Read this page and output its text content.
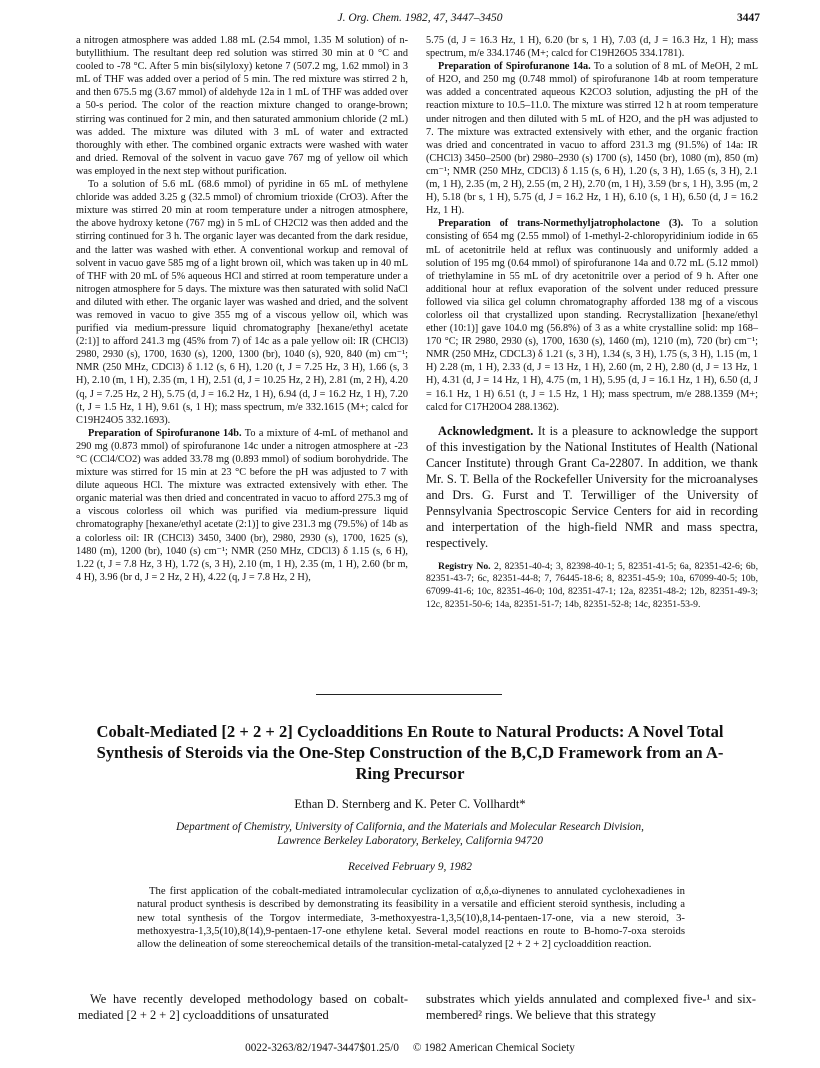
J. Org. Chem. 1982, 47, 3447–3450	3447

a nitrogen atmosphere was added 1.88 mL (2.54 mmol, 1.35 M solution) of n-butyllithium. The resultant deep red solution was stirred 30 min at 0 °C and cooled to -78 °C. After 5 min bis(silyloxy) ketone 7 (507.2 mg, 1.62 mmol) in 3 mL of THF was added over a period of 5 min. The red mixture was stirred 2 h, and then 675.5 mg (3.67 mmol) of aldehyde 12a in 1 mL of THF was added over a 50-s period. The color of the reaction mixture changed to orange-brown; stirring was continued for 2 min, and then saturated ammonium chloride (2 mL) was added. The mixture was diluted with 3 mL of water and extracted thoroughly with ether. The combined organic extracts were washed with water and dried. Removal of the solvent in vacuo gave 767 mg of yellow oil which was employed in the next step without purification.

To a solution of 5.6 mL (68.6 mmol) of pyridine in 65 mL of methylene chloride was added 3.25 g (32.5 mmol) of chromium trioxide (CrO3). After the mixture was stirred 20 min at room temperature under a nitrogen atmosphere, the above hydroxy ketone (767 mg) in 5 mL of CH2Cl2 was then added and the stirring continued for 3 h. The organic layer was decanted from the dark residue, and the latter was washed with ether. A conventional workup and removal of solvent in vacuo gave 585 mg of a light brown oil, which was taken up in 40 mL of THF with 20 mL of 5% aqueous HCl and stirred at room temperature under a nitrogen atmosphere for 5 days. The mixture was then saturated with solid NaCl and diluted with ether. The organic layer was washed and dried, and the solvent was removed in vacuo to give 355 mg of a viscous yellow oil, which was purified via medium-pressure liquid chromatography [hexane/ethyl acetate (2:1)] to afford 241.3 mg (45% from 7) of 14c as a pale yellow oil: IR (CHCl3) 2980, 2930 (s), 1700, 1630 (s), 1200, 1300 (br), 1040 (s), 920, 840 (m) cm⁻¹; NMR (250 MHz, CDCl3) δ 1.12 (s, 6 H), 1.20 (t, J = 7.25 Hz, 3 H), 1.66 (s, 3 H), 2.10 (m, 1 H), 2.35 (m, 1 H), 2.51 (d, J = 10.25 Hz, 2 H), 2.81 (m, 2 H), 4.20 (q, J = 7.25 Hz, 2 H), 5.75 (d, J = 16.2 Hz, 1 H), 6.94 (d, J = 16.2 Hz, 1 H), 7.20 (t, J = 1.5 Hz, 1 H), 9.61 (s, 1 H); mass spectrum, m/e 332.1615 (M+; calcd for C19H24O5 332.1693).

Preparation of Spirofuranone 14b. To a mixture of 4-mL of methanol and 290 mg (0.873 mmol) of spirofuranone 14c under a nitrogen atmosphere at -23 °C (CCl4/CO2) was added 33.78 mg (0.893 mmol) of sodium borohydride. The mixture was stirred for 15 min at 23 °C before the pH was adjusted to 7 with dilute aqueous HCl. The mixture was extracted extensively with ether. The organic material was then dried and concentrated in vacuo to afford 275.3 mg of a viscous colorless oil which was purified via medium-pressure liquid chromatography [hexane/ethyl acetate (2:1)] to give 231.3 mg (79.5%) of 14b as a colorless oil: IR (CHCl3) 3450, 3400 (br), 2980, 2930 (s), 1700, 1625 (s), 1480 (m), 1200 (br), 1040 (s) cm⁻¹; NMR (250 MHz, CDCl3) δ 1.15 (s, 6 H), 1.22 (t, J = 7.8 Hz, 3 H), 1.72 (s, 3 H), 2.10 (m, 1 H), 2.35 (m, 1 H), 2.60 (br m, 4 H), 3.96 (br d, J = 2 Hz, 2 H), 4.22 (q, J = 7.8 Hz, 2 H),

5.75 (d, J = 16.3 Hz, 1 H), 6.20 (br s, 1 H), 7.03 (d, J = 16.3 Hz, 1 H); mass spectrum, m/e 334.1746 (M+; calcd for C19H26O5 334.1781).

Preparation of Spirofuranone 14a. To a solution of 8 mL of MeOH, 2 mL of H2O, and 250 mg (0.748 mmol) of spirofuranone 14b at room temperature was added a concentrated aqueous K2CO3 solution, adjusting the pH of the reaction mixture to 10.5–11.0. The mixture was stirred 12 h at room temperature under nitrogen and then diluted with 5 mL of H2O, and the pH was adjusted to 7. The mixture was extracted extensively with ether, and the organic fraction was dried and concentrated in vacuo to afford 231.3 mg (91.5%) of 14a: IR (CHCl3) 3450–2500 (br) 2980–2930 (s) 1700 (s), 1450 (br), 1080 (m), 850 (m) cm⁻¹; NMR (250 MHz, CDCl3) δ 1.15 (s, 6 H), 1.20 (s, 3 H), 1.65 (s, 3 H), 2.1 (m, 1 H), 2.35 (m, 2 H), 2.55 (m, 2 H), 2.70 (m, 1 H), 3.59 (br s, 1 H), 3.95 (m, 2 H), 5.18 (br s, 1 H), 5.75 (d, J = 16.2 Hz, 1 H), 6.10 (s, 1 H), 6.50 (d, J = 16.2 Hz, 1 H).

Preparation of trans-Normethyljatropholactone (3). To a solution consisting of 654 mg (2.55 mmol) of 1-methyl-2-chloropyridinium iodide in 65 mL of acetonitrile held at reflux was continuously and uniformly added a solution of 195 mg (0.64 mmol) of spirofuranone 14a and 0.72 mL (5.12 mmol) of triethylamine in 55 mL of dry acetonitrile over a period of 9 h. After one additional hour at reflux evaporation of the solvent under reduced pressure followed via silica gel column chromatography afforded 138 mg of a viscous colorless oil that crystallized upon standing. Recrystallization [hexane/ethyl ether (10:1)] gave 104.0 mg (56.8%) of 3 as a white crystalline solid: mp 168–170 °C; IR 2980, 2930 (s), 1700, 1630 (s), 1460 (m), 1210 (m), 720 (br) cm⁻¹; NMR (250 MHz, CDCL3) δ 1.21 (s, 3 H), 1.34 (s, 3 H), 1.75 (s, 3 H), 1.15 (m, 1 H) 2.28 (m, 1 H), 2.33 (d, J = 13 Hz, 1 H), 2.60 (m, 2 H), 2.80 (d, J = 13 Hz, 1 H), 4.31 (d, J = 14 Hz, 1 H), 4.75 (m, 1 H), 5.95 (d, J = 16.1 Hz, 1 H), 6.50 (d, J = 16.1 Hz, 1 H) 6.51 (t, J = 1.5 Hz, 1 H); mass spectrum, m/e 288.1359 (M+; calcd for C17H20O4 288.1362).

Acknowledgment. It is a pleasure to acknowledge the support of this investigation by the National Institutes of Health (National Cancer Institute) through Grant Ca-22807. In addition, we thank Mr. S. T. Bella of the Rockefeller University for the microanalyses and Drs. G. Furst and T. Terwilliger of the University of Pennsylvania Spectroscopic Service Centers for aid in recording and interpertation of the high-field NMR and mass spectra, respectively.

Registry No. 2, 82351-40-4; 3, 82398-40-1; 5, 82351-41-5; 6a, 82351-42-6; 6b, 82351-43-7; 6c, 82351-44-8; 7, 76445-18-6; 8, 82351-45-9; 10a, 67099-40-5; 10b, 67099-41-6; 10c, 82351-46-0; 10d, 82351-47-1; 12a, 82351-48-2; 12b, 82351-49-3; 12c, 82351-50-6; 14a, 82351-51-7; 14b, 82351-52-8; 14c, 82351-53-9.

Cobalt-Mediated [2 + 2 + 2] Cycloadditions En Route to Natural Products: A Novel Total Synthesis of Steroids via the One-Step Construction of the B,C,D Framework from an A-Ring Precursor
Ethan D. Sternberg and K. Peter C. Vollhardt*
Department of Chemistry, University of California, and the Materials and Molecular Research Division,
Lawrence Berkeley Laboratory, Berkeley, California 94720
Received February 9, 1982

The first application of the cobalt-mediated intramolecular cyclization of α,δ,ω-diynenes to annulated cyclohexadienes in natural product synthesis is described by demonstrating its feasibility in a versatile and efficient steroid synthesis, including a new total synthesis of the Torgov intermediate, 3-methoxyestra-1,3,5(10),8,14-pentaen-17-one, via a new steroid, 3-methoxyestra-1,3,5(10),8(14),9-pentaen-17-one ethylene ketal. Several model reactions en route to B-homo-7-oxa steroids allow the delineation of some stereochemical details of the transition-metal-catalyzed [2 + 2 + 2] cycloaddition reaction.

We have recently developed methodology based on cobalt-mediated [2 + 2 + 2] cycloadditions of unsaturated

substrates which yields annulated and complexed five-¹ and six-membered² rings. We believe that this strategy

0022-3263/82/1947-3447$01.25/0 © 1982 American Chemical Society
